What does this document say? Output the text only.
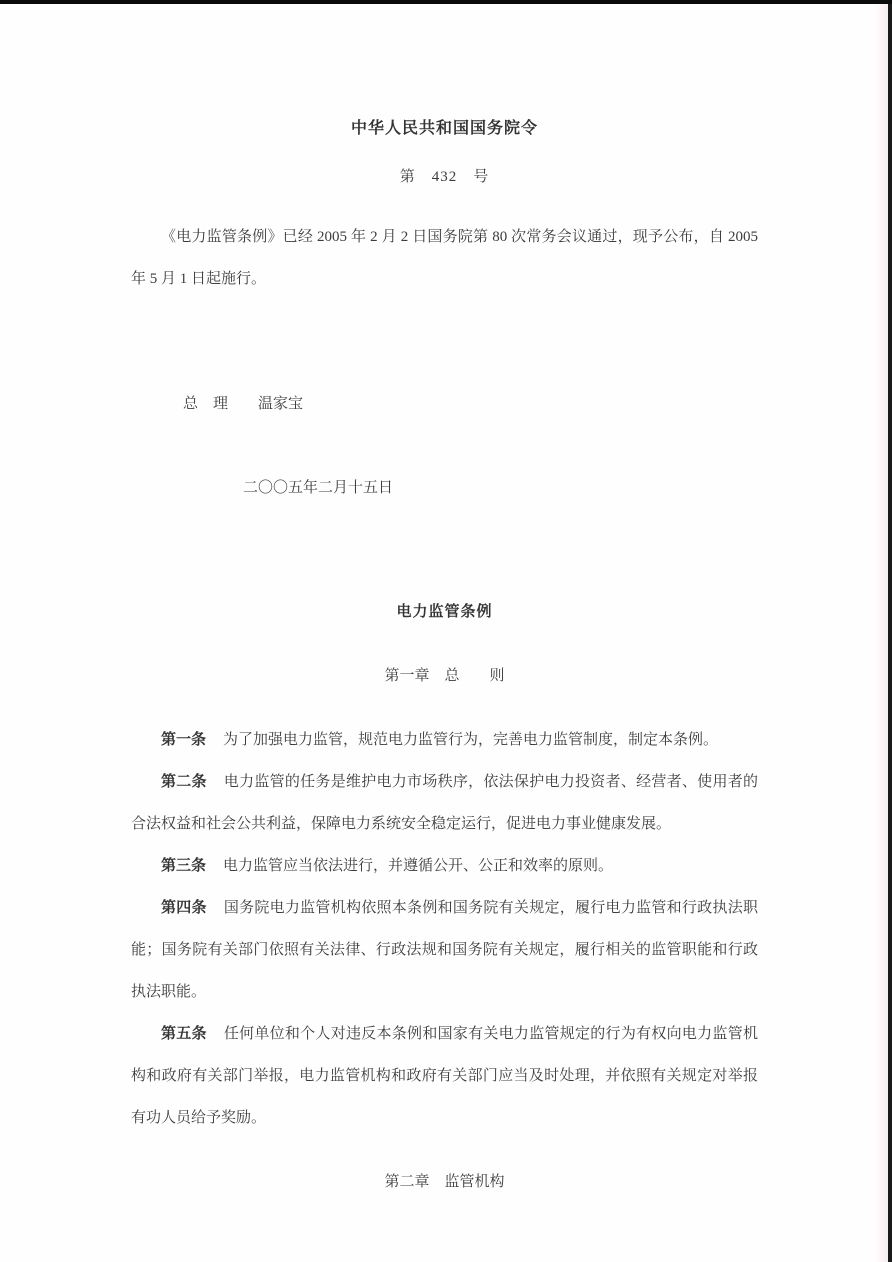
中华人民共和国国务院令
第　432　号

《电力监管条例》已经 2005 年 2 月 2 日国务院第 80 次常务会议通过，现予公布，自 2005 年 5 月 1 日起施行。

总　理　　温家宝
二〇〇五年二月十五日
电力监管条例
第一章　总　　则

第一条 为了加强电力监管，规范电力监管行为，完善电力监管制度，制定本条例。

第二条 电力监管的任务是维护电力市场秩序，依法保护电力投资者、经营者、使用者的合法权益和社会公共利益，保障电力系统安全稳定运行，促进电力事业健康发展。

第三条 电力监管应当依法进行，并遵循公开、公正和效率的原则。

第四条 国务院电力监管机构依照本条例和国务院有关规定，履行电力监管和行政执法职能；国务院有关部门依照有关法律、行政法规和国务院有关规定，履行相关的监管职能和行政执法职能。

第五条 任何单位和个人对违反本条例和国家有关电力监管规定的行为有权向电力监管机构和政府有关部门举报，电力监管机构和政府有关部门应当及时处理，并依照有关规定对举报有功人员给予奖励。

第二章　监管机构
